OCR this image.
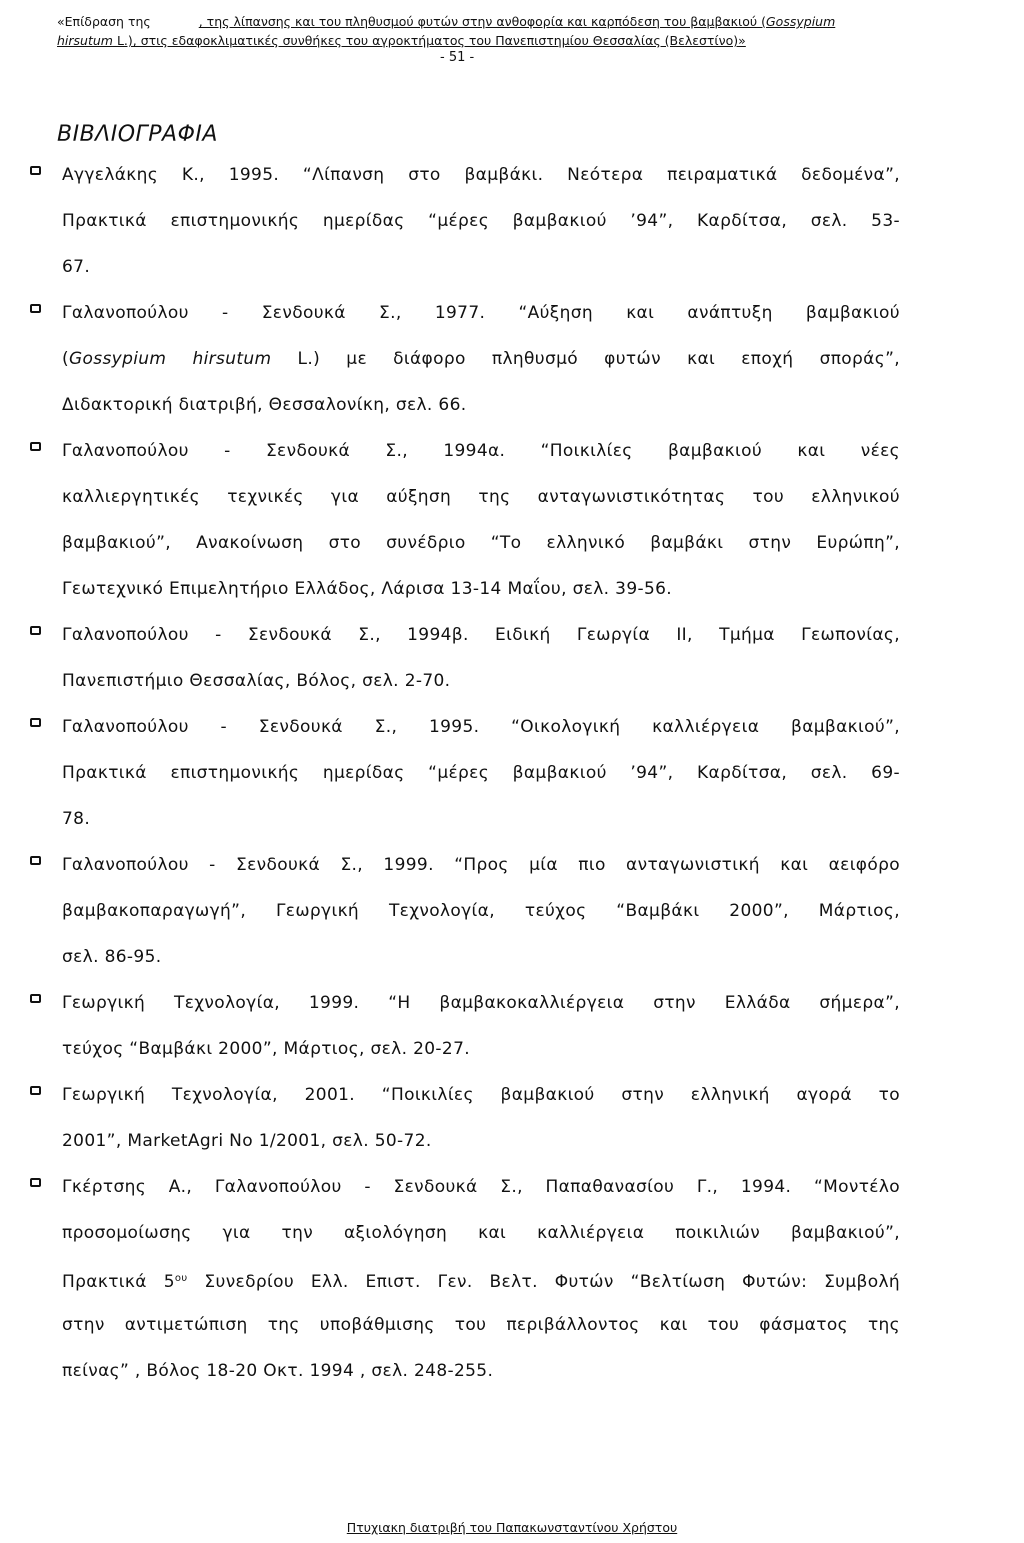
«Επίδραση της	, της λίπανσης και του πληθυσμού φυτών στην ανθοφορία και καρπόδεση του βαμβακιού (Gossypium
hirsutum L.), στις εδαφοκλιματικές συνθήκες του αγροκτήματος του Πανεπιστημίου Θεσσαλίας (Βελεστίνο)»
- 51 -
ΒΙΒΛΙΟΓΡΑΦΙΑ
Αγγελάκης Κ., 1995. “Λίπανση στο βαμβάκι. Νεότερα πειραματικά δεδομένα”,
Πρακτικά επιστημονικής ημερίδας “μέρες βαμβακιού ’94”, Καρδίτσα, σελ. 53-
67.
Γαλανοπούλου - Σενδουκά Σ., 1977. “Αύξηση και ανάπτυξη βαμβακιού
(Gossypium hirsutum L.) με διάφορο πληθυσμό φυτών και εποχή σποράς”,
Διδακτορική διατριβή, Θεσσαλονίκη, σελ. 66.
Γαλανοπούλου - Σενδουκά Σ., 1994α. “Ποικιλίες βαμβακιού και νέες
καλλιεργητικές τεχνικές για αύξηση της ανταγωνιστικότητας του ελληνικού
βαμβακιού”, Ανακοίνωση στο συνέδριο “Το ελληνικό βαμβάκι στην Ευρώπη”,
Γεωτεχνικό Επιμελητήριο Ελλάδος, Λάρισα 13-14 Μαΐου, σελ. 39-56.
Γαλανοπούλου - Σενδουκά Σ., 1994β. Ειδική Γεωργία ΙΙ, Τμήμα Γεωπονίας,
Πανεπιστήμιο Θεσσαλίας, Βόλος, σελ. 2-70.
Γαλανοπούλου - Σενδουκά Σ., 1995. “Οικολογική καλλιέργεια βαμβακιού”,
Πρακτικά επιστημονικής ημερίδας “μέρες βαμβακιού ’94”, Καρδίτσα, σελ. 69-
78.
Γαλανοπούλου - Σενδουκά Σ., 1999. “Προς μία πιο ανταγωνιστική και αειφόρο
βαμβακοπαραγωγή”, Γεωργική Τεχνολογία, τεύχος “Βαμβάκι 2000”, Μάρτιος,
σελ. 86-95.
Γεωργική Τεχνολογία, 1999. “Η βαμβακοκαλλιέργεια στην Ελλάδα σήμερα”,
τεύχος “Βαμβάκι 2000”, Μάρτιος, σελ. 20-27.
Γεωργική Τεχνολογία, 2001. “Ποικιλίες βαμβακιού στην ελληνική αγορά το
2001”, MarketAgri No 1/2001, σελ. 50-72.
Γκέρτσης Α., Γαλανοπούλου - Σενδουκά Σ., Παπαθανασίου Γ., 1994. “Μοντέλο
προσομοίωσης για την αξιολόγηση και καλλιέργεια ποικιλιών βαμβακιού”,
Πρακτικά $5^{o\upsilon}$ Συνεδρίου Ελλ. Επιστ. Γεν. Βελτ. Φυτών “Βελτίωση Φυτών: Συμβολή
στην αντιμετώπιση της υποβάθμισης του περιβάλλοντος και του φάσματος της
πείνας” , Βόλος 18-20 Οκτ. 1994 , σελ. 248-255.
Πτυχιακη διατριβή του Παπακωνσταντίνου Χρήστου
